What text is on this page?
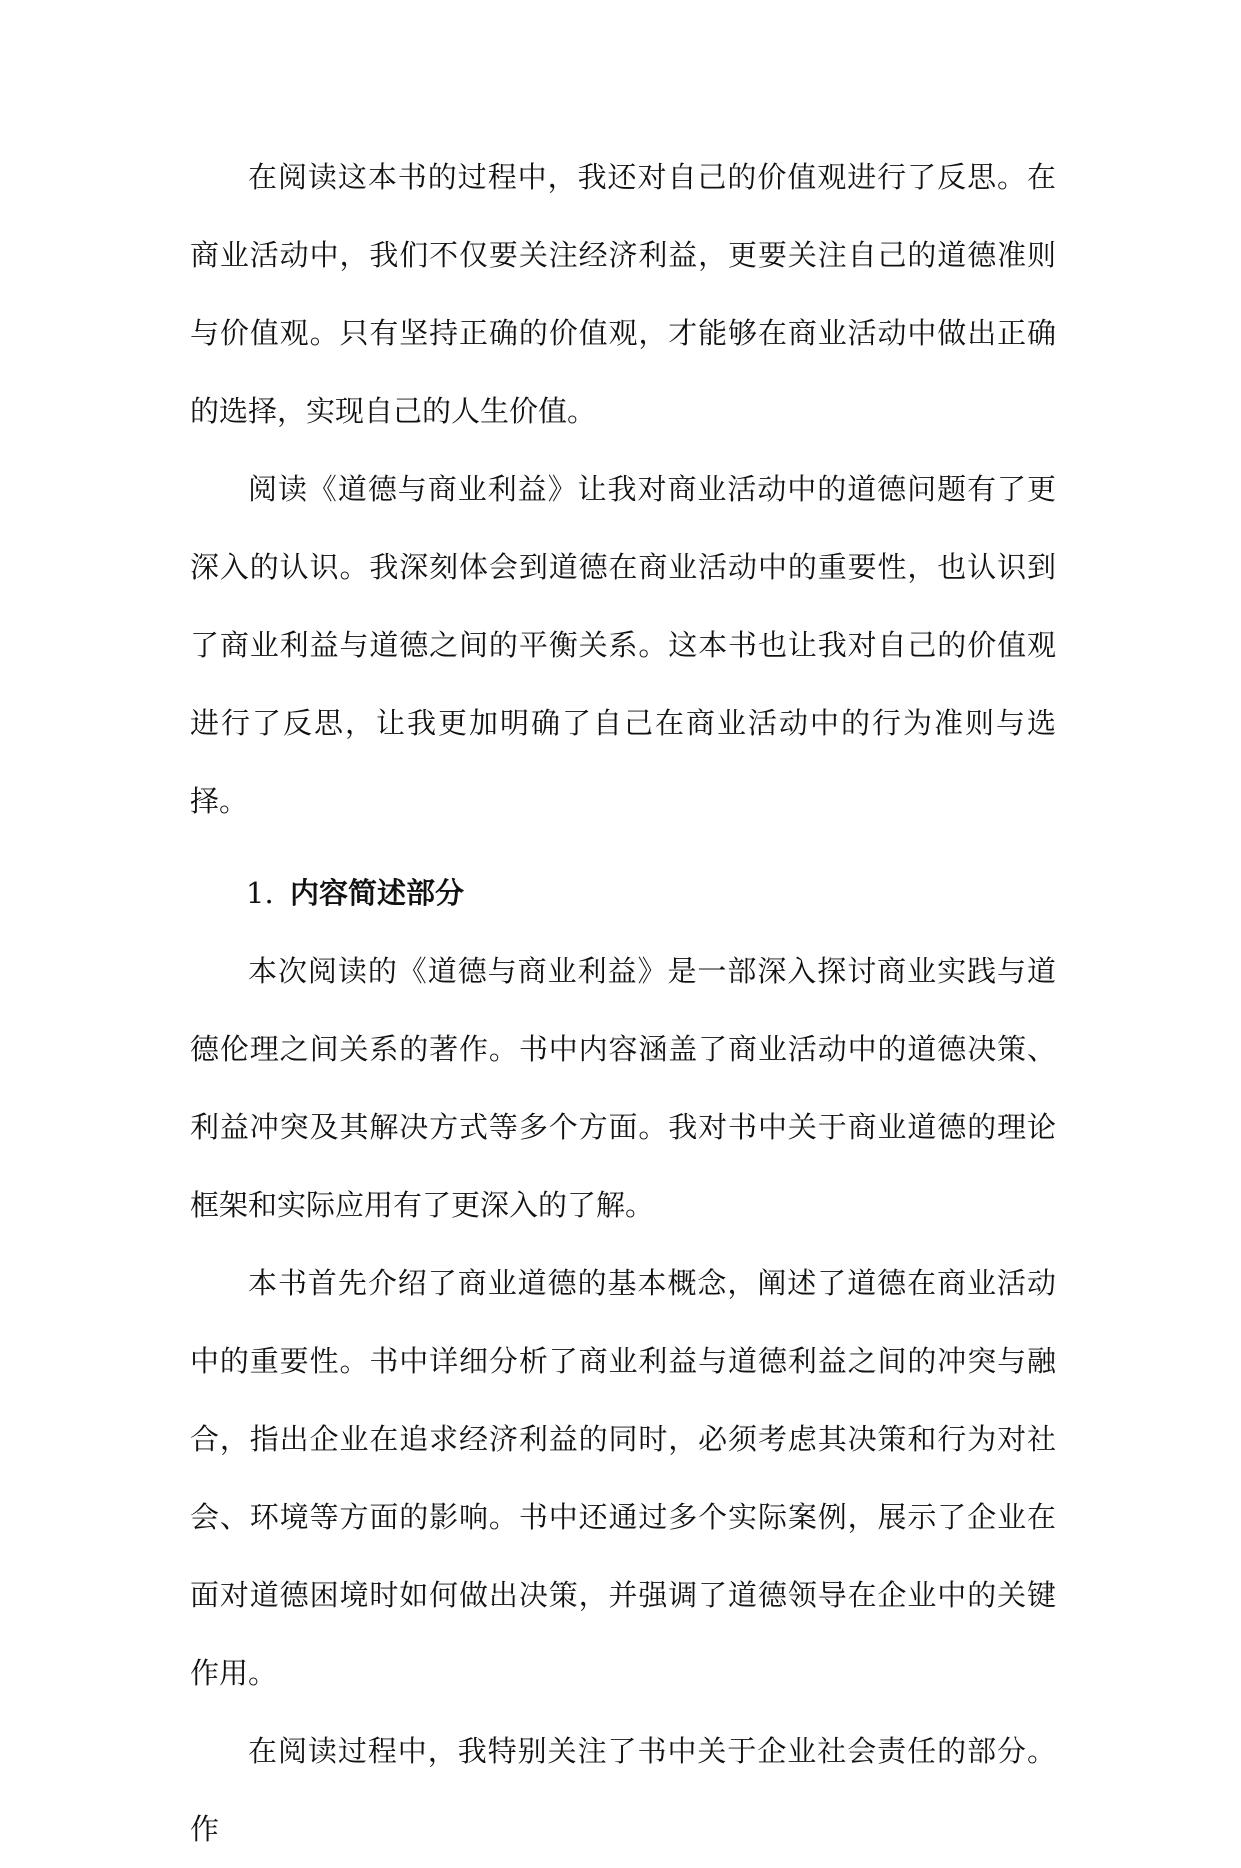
在阅读这本书的过程中，我还对自己的价值观进行了反思。在商业活动中，我们不仅要关注经济利益，更要关注自己的道德准则与价值观。只有坚持正确的价值观，才能够在商业活动中做出正确的选择，实现自己的人生价值。

阅读《道德与商业利益》让我对商业活动中的道德问题有了更深入的认识。我深刻体会到道德在商业活动中的重要性，也认识到了商业利益与道德之间的平衡关系。这本书也让我对自己的价值观进行了反思，让我更加明确了自己在商业活动中的行为准则与选择。

1. 内容简述部分

本次阅读的《道德与商业利益》是一部深入探讨商业实践与道德伦理之间关系的著作。书中内容涵盖了商业活动中的道德决策、利益冲突及其解决方式等多个方面。我对书中关于商业道德的理论框架和实际应用有了更深入的了解。

本书首先介绍了商业道德的基本概念，阐述了道德在商业活动中的重要性。书中详细分析了商业利益与道德利益之间的冲突与融合，指出企业在追求经济利益的同时，必须考虑其决策和行为对社会、环境等方面的影响。书中还通过多个实际案例，展示了企业在面对道德困境时如何做出决策，并强调了道德领导在企业中的关键作用。

在阅读过程中，我特别关注了书中关于企业社会责任的部分。作
